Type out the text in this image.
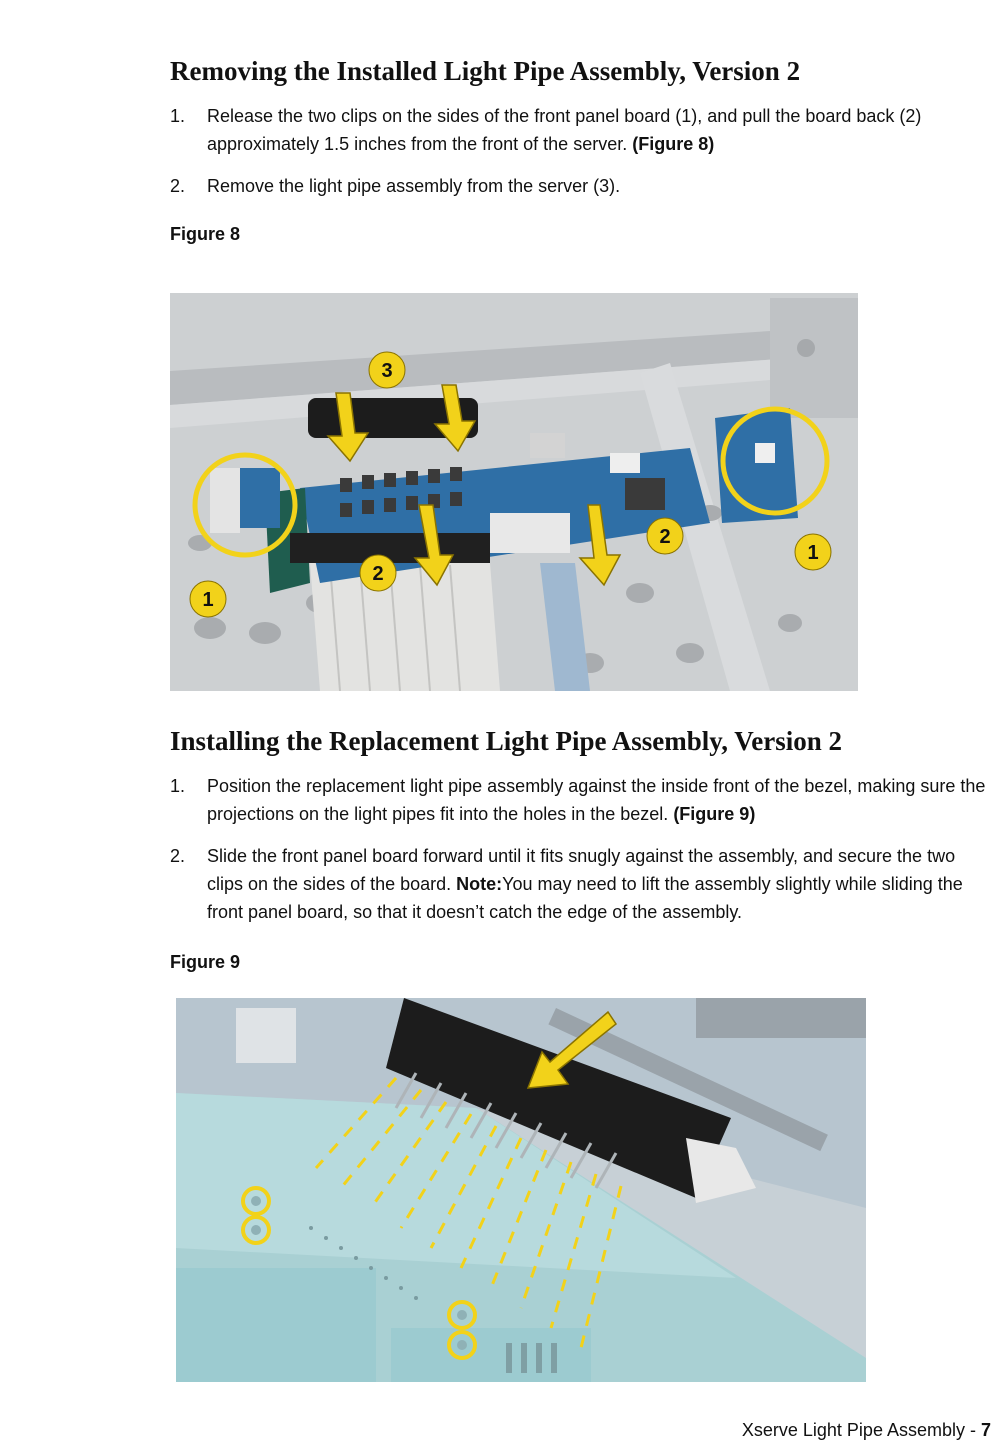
Removing the Installed Light Pipe Assembly, Version 2
1. Release the two clips on the sides of the front panel board (1), and pull the board back (2) approximately 1.5 inches from the front of the server. (Figure 8)
2. Remove the light pipe assembly from the server (3).
Figure 8
3
2
2
1
1
Installing the Replacement Light Pipe Assembly, Version 2
1. Position the replacement light pipe assembly against the inside front of the bezel, making sure the projections on the light pipes fit into the holes in the bezel. (Figure 9)
2. Slide the front panel board forward until it fits snugly against the assembly, and secure the two clips on the sides of the board. Note:You may need to lift the assembly slightly while sliding the front panel board, so that it doesn’t catch the edge of the assembly.
Figure 9
Xserve Light Pipe Assembly - 7
